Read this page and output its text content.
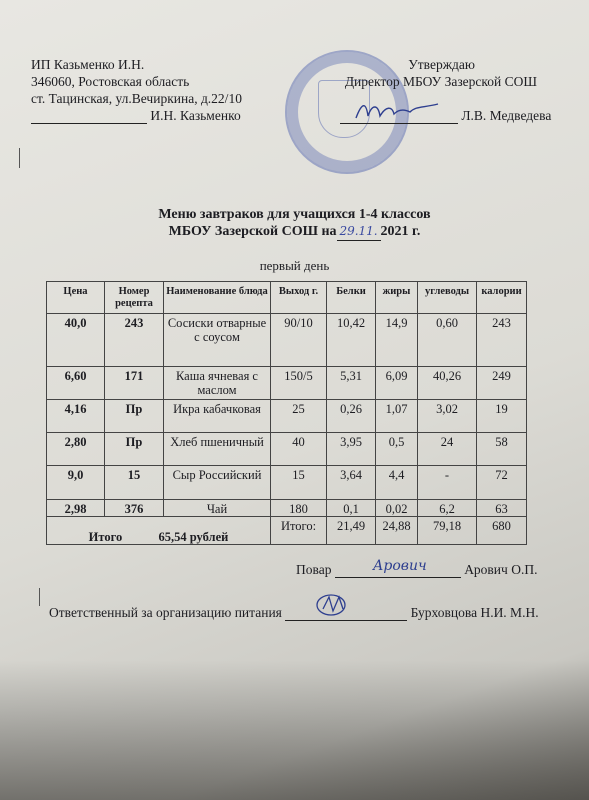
ИП Казьменко И.Н.
346060, Ростовская область
ст. Тацинская, ул.Вечиркина, д.22/10
И.Н. Казьменко
Утверждаю
Директор МБОУ Зазерской СОШ
Л.В. Медведева
Меню завтраков для учащихся 1-4 классов
МБОУ Зазерской СОШ на 29.11. 2021 г.
первый день
Цена	Номер рецепта	Наименование блюда	Выход г.	Белки	жиры	углеводы	калории
40,0	243	Сосиски отварные с соусом	90/10	10,42	14,9	0,60	243
6,60	171	Каша ячневая с маслом	150/5	5,31	6,09	40,26	249
4,16	Пр	Икра кабачковая	25	0,26	1,07	3,02	19
2,80	Пр	Хлеб пшеничный	40	3,95	0,5	24	58
9,0	15	Сыр Российский	15	3,64	4,4	-	72
2,98	376	Чай	180	0,1	0,02	6,2	63
Итого 65,54 рублей			Итого:	21,49	24,88	79,18	680
Повар	Арович	Арович О.П.
Ответственный за организацию питания	Бурховцова Н.И. М.Н.
